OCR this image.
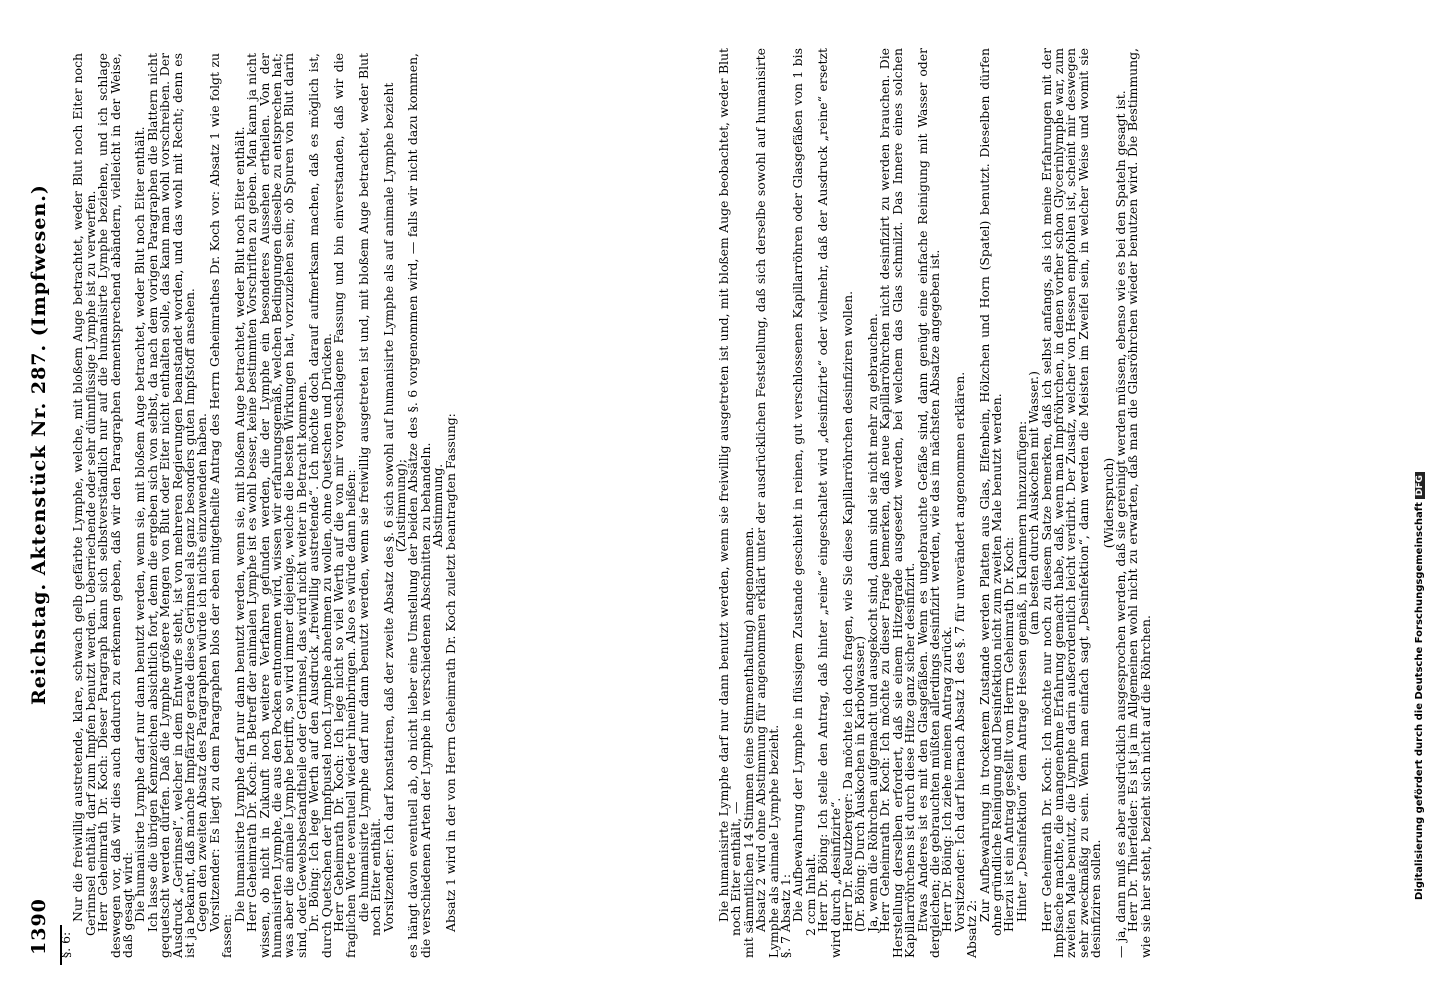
1390
Reichstag. Aktenstück Nr. 287. (Impfwesen.)

§. 6:

Nur die freiwillig austretende, klare, schwach gelb gefärbte Lymphe, welche, mit bloßem Auge betrachtet, weder Blut noch Eiter noch Gerinnsel enthält, darf zum Impfen benutzt werden. Ueberriechende oder sehr dünnflüssige Lymphe ist zu verwerfen.

Herr Geheimrath Dr. Koch: Dieser Paragraph kann sich selbstverständlich nur auf die humanisirte Lymphe beziehen, und ich schlage deswegen vor, daß wir dies auch dadurch zu erkennen geben, daß wir den Paragraphen dementsprechend abändern, vielleicht in der Weise, daß gesagt wird:

Die humanisirte Lymphe darf nur dann benutzt werden, wenn sie, mit bloßem Auge betrachtet, weder Blut noch Eiter enthält.

Ich lasse die übrigen Kennzeichen absichtlich fort, denn die ergeben sich von selbst, da nach dem vorigen Paragraphen die Blattern nicht gequetscht werden dürfen. Daß die Lymphe größere Mengen von Blut oder Eiter nicht enthalten solle, das kann man wohl vorschreiben. Der Ausdruck „Gerinnsel“, welcher in dem Entwurfe steht, ist von mehreren Regierungen beanstandet worden, und das wohl mit Recht; denn es ist ja bekannt, daß manche Impfärzte gerade diese Gerinnsel als ganz besonders guten Impfstoff ansehen.

Gegen den zweiten Absatz des Paragraphen würde ich nichts einzuwenden haben.

Vorsitzender: Es liegt zu dem Paragraphen blos der eben mitgetheilte Antrag des Herrn Geheimrathes Dr. Koch vor: Absatz 1 wie folgt zu fassen:

Die humanisirte Lymphe darf nur dann benutzt werden, wenn sie, mit bloßem Auge betrachtet, weder Blut noch Eiter enthält.

Herr Geheimrath Dr. Koch: In Betreff der animalen Lymphe ist es wohl besser, keine bestimmten Vorschriften zu geben. Man kann ja nicht wissen, ob nicht in Zukunft noch weitere Verfahren gefunden werden, die der Lymphe ein besonderes Aussehen ertheilen. Von der humanisirten Lymphe, die aus den Pocken entnommen wird, wissen wir erfahrungsgemäß, welchen Bedingungen dieselbe zu entsprechen hat; was aber die animale Lymphe betrifft, so wird immer diejenige, welche die besten Wirkungen hat, vorzuziehen sein; ob Spuren von Blut darin sind, oder Gewebsbestandtheile oder Gerinnsel, das wird nicht weiter in Betracht kommen.

Dr. Böing: Ich lege Werth auf den Ausdruck „freiwillig austretende“. Ich möchte doch darauf aufmerksam machen, daß es möglich ist, durch Quetschen der Impfpustel noch Lymphe abnehmen zu wollen, ohne Quetschen und Drücken.

Herr Geheimrath Dr. Koch: Ich lege nicht so viel Werth auf die von mir vorgeschlagene Fassung und bin einverstanden, daß wir die fraglichen Worte eventuell wieder hineinbringen. Also es würde dann heißen:

die humanisirte Lymphe darf nur dann benutzt werden, wenn sie freiwillig ausgetreten ist und, mit bloßem Auge betrachtet, weder Blut noch Eiter enthält.

Vorsitzender: Ich darf konstatiren, daß der zweite Absatz des §. 6 sich sowohl auf humanisirte Lymphe als auf animale Lymphe bezieht

(Zustimmung);

es hängt davon eventuell ab, ob nicht lieber eine Umstellung der beiden Absätze des §. 6 vorgenommen wird, — falls wir nicht dazu kommen, die verschiedenen Arten der Lymphe in verschiedenen Abschnitten zu behandeln.

Abstimmung.

Absatz 1 wird in der von Herrn Geheimrath Dr. Koch zuletzt beantragten Fassung:	Die humanisirte Lymphe darf nur dann benutzt werden, wenn sie freiwillig ausgetreten ist und, mit bloßem Auge beobachtet, weder Blut noch Eiter enthält, —

mit sämmtlichen 14 Stimmen (eine Stimmenthaltung) angenommen.

Absatz 2 wird ohne Abstimmung für angenommen erklärt unter der ausdrücklichen Feststellung, daß sich derselbe sowohl auf humanisirte Lymphe als animale Lymphe bezieht.

§. 7 Absatz 1:

Die Aufbewahrung der Lymphe in flüssigem Zustande geschieht in reinen, gut verschlossenen Kapillarröhren oder Glasgefäßen von 1 bis 2 ccm Inhalt.

Herr Dr. Böing: Ich stelle den Antrag, daß hinter „reine“ eingeschaltet wird „desinfizirte“ oder vielmehr, daß der Ausdruck „reine“ ersetzt wird durch „desinfizirte“.

Herr Dr. Reutzberger: Da möchte ich doch fragen, wie Sie diese Kapillarröhrchen desinfiziren wollen.

(Dr. Böing: Durch Auskochen in Karbolwasser.)

Ja, wenn die Röhrchen aufgemacht und ausgekocht sind, dann sind sie nicht mehr zu gebrauchen.

Herr Geheimrath Dr. Koch: Ich möchte zu dieser Frage bemerken, daß neue Kapillarröhrchen nicht desinfizirt zu werden brauchen. Die Herstellung derselben erfordert, daß sie einem Hitzegrade ausgesetzt werden, bei welchem das Glas schmilzt. Das Innere eines solchen Kapillarröhrchens ist durch diese Hitze ganz sicher desinfizirt.

Etwas Anderes ist es mit den Glasgefäßen. Wenn es ungebrauchte Gefäße sind, dann genügt eine einfache Reinigung mit Wasser oder dergleichen; die gebrauchten müßten allerdings desinfizirt werden, wie das im nächsten Absatze angegeben ist.

Herr Dr. Böing: Ich ziehe meinen Antrag zurück.

Vorsitzender: Ich darf hiernach Absatz 1 des §. 7 für unverändert angenommen erklären.

Absatz 2:

Zur Aufbewahrung in trockenem Zustande werden Platten aus Glas, Elfenbein, Hölzchen und Horn (Spatel) benutzt. Dieselben dürfen ohne gründliche Reinigung und Desinfektion nicht zum zweiten Male benutzt werden.

Hierzu ist ein Antrag gestellt vom Herrn Geheimrath Dr. Koch:

Hinter „Desinfektion“ dem Antrage Hessen gemäß, in Klammern hinzuzufügen:

(am besten durch Auskochen mit Wasser.)

Herr Geheimrath Dr. Koch: Ich möchte nur noch zu diesem Satze bemerken, daß ich selbst anfangs, als ich meine Erfahrungen mit der Impfsache machte, die unangenehme Erfahrung gemacht habe, daß, wenn man Impfröhrchen, in denen vorher schon Glycerinlymphe war, zum zweiten Male benutzt, die Lymphe darin außerordentlich leicht verdirbt. Der Zusatz, welcher von Hessen empfohlen ist, scheint mir deswegen sehr zweckmäßig zu sein. Wenn man einfach sagt „Desinfektion“, dann werden die Meisten im Zweifel sein, in welcher Weise und womit sie desinfiziren sollen.

(Widerspruch)

— ja, dann muß es aber ausdrücklich ausgesprochen werden, daß sie gereinigt werden müssen, ebenso wie es bei den Spateln gesagt ist.

Herr Dr. Thierfelder: Es ist ja im Allgemeinen wohl nicht zu erwarten, daß man die Glasröhrchen wieder benutzen wird. Die Bestimmung, wie sie hier steht, bezieht sich nicht auf die Röhrchen.	Digitalisierung gefördert durch die Deutsche ForschungsgemeinschaftDFG
